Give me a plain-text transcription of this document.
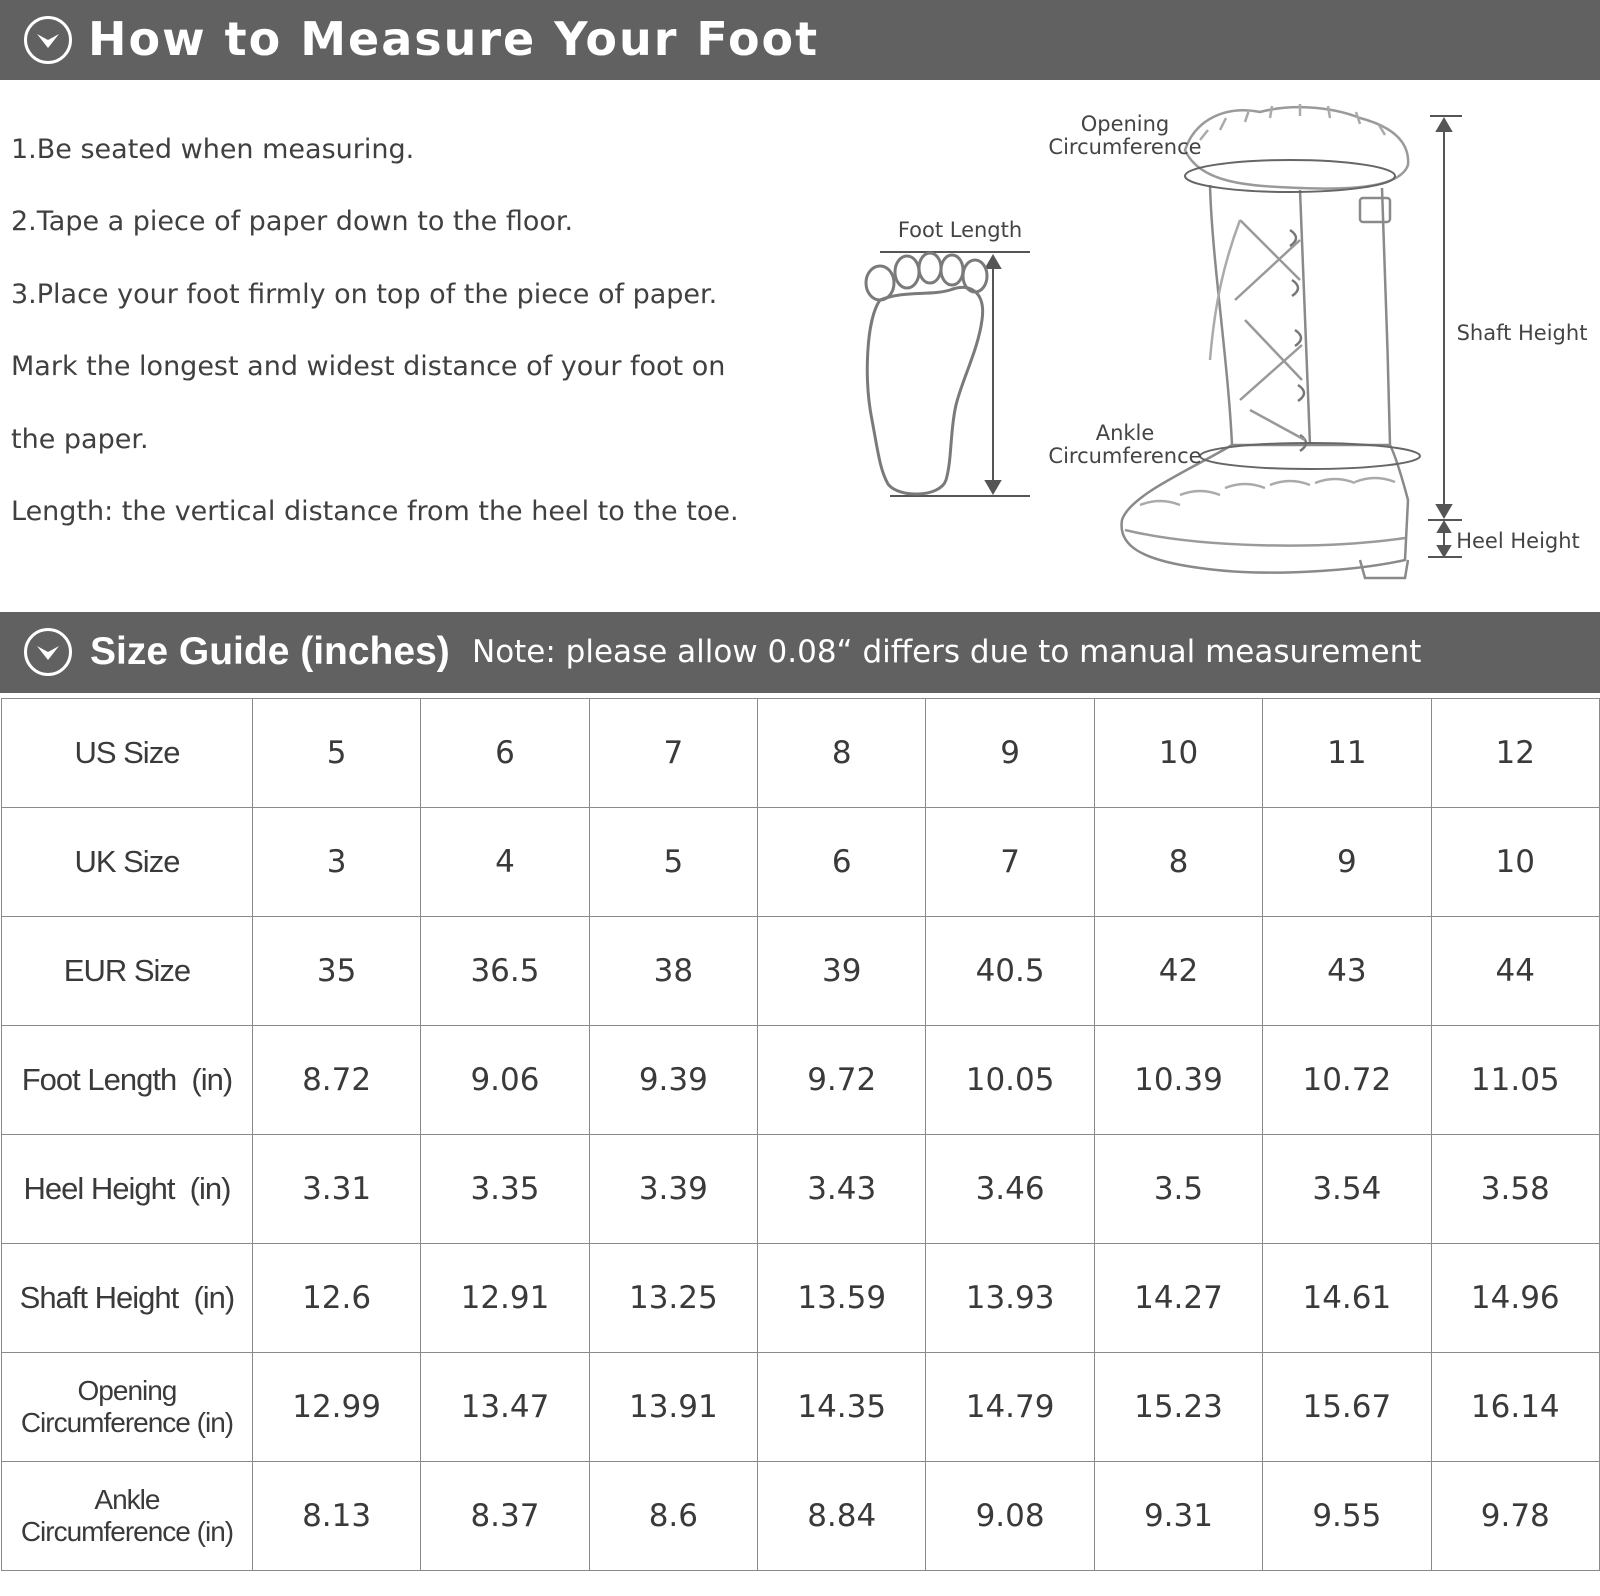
How to Measure Your Foot
1.Be seated when measuring.
2.Tape a piece of paper down to the floor.
3.Place your foot firmly on top of the piece of paper.
Mark the longest and widest distance of your foot on
the paper.
Length: the vertical distance from the heel to the toe.
Foot Length
Opening
Circumference
Ankle
Circumference
Shaft Height
Heel Height
Size Guide (inches) Note: please allow 0.08“ differs due to manual measurement
US Size	5	6	7	8	9	10	11	12
UK Size	3	4	5	6	7	8	9	10
EUR Size	35	36.5	38	39	40.5	42	43	44
Foot Length  (in)	8.72	9.06	9.39	9.72	10.05	10.39	10.72	11.05
Heel Height  (in)	3.31	3.35	3.39	3.43	3.46	3.5	3.54	3.58
Shaft Height  (in)	12.6	12.91	13.25	13.59	13.93	14.27	14.61	14.96

Opening
Circumference (in)	12.99	13.47	13.91	14.35	14.79	15.23	15.67	16.14

Ankle
Circumference (in)	8.13	8.37	8.6	8.84	9.08	9.31	9.55	9.78
